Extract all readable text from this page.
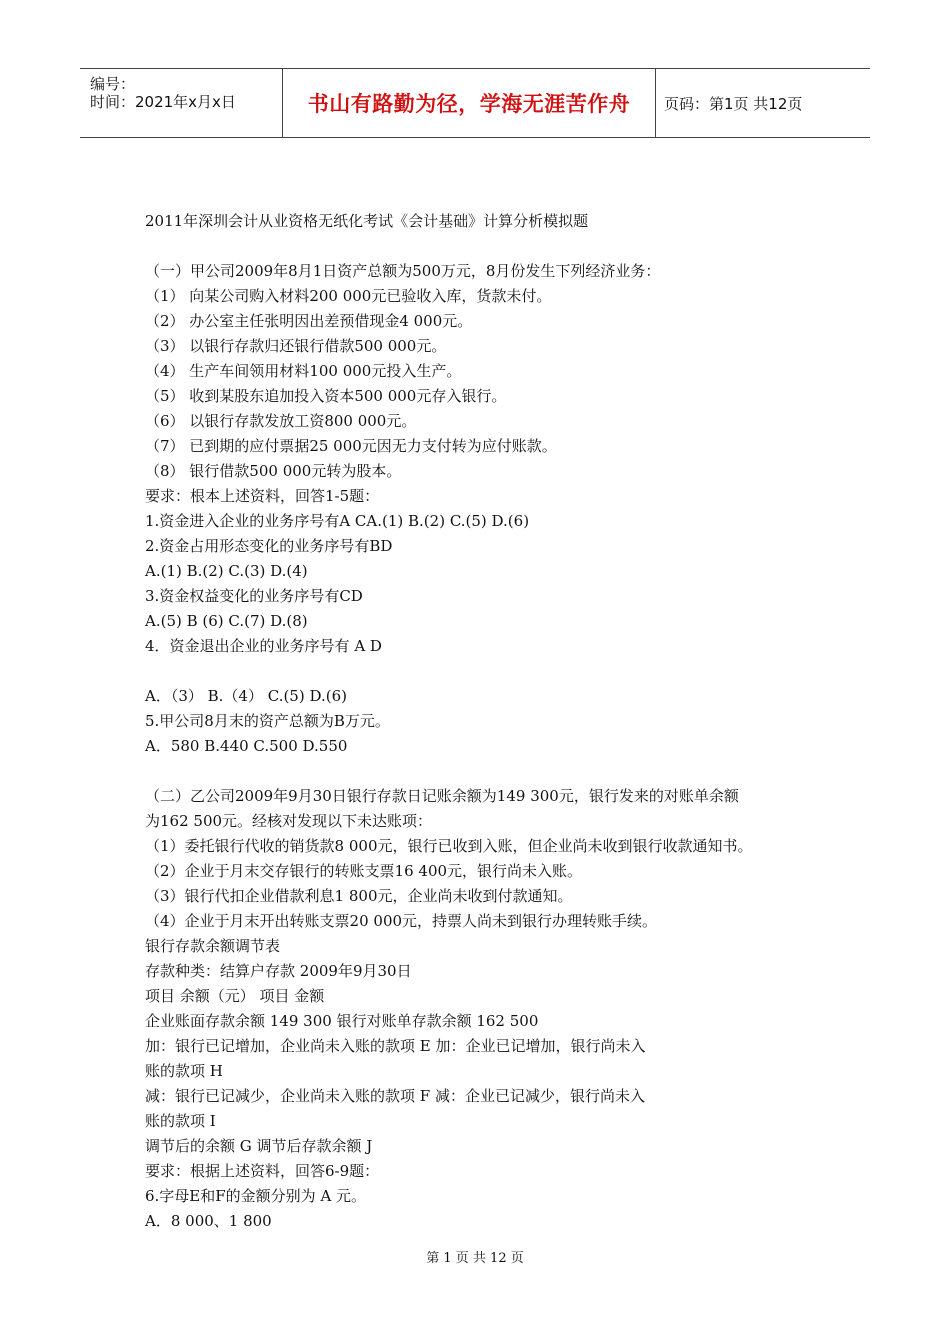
编号：
时间：2021年x月x日	书山有路勤为径，学海无涯苦作舟 页码：第1页 共12页
2011年深圳会计从业资格无纸化考试《会计基础》计算分析模拟题
（一）甲公司2009年8月1日资产总额为500万元，8月份发生下列经济业务：
（1） 向某公司购入材料200 000元已验收入库，货款未付。
（2） 办公室主任张明因出差预借现金4 000元。
（3） 以银行存款归还银行借款500 000元。
（4） 生产车间领用材料100 000元投入生产。
（5） 收到某股东追加投入资本500 000元存入银行。
（6） 以银行存款发放工资800 000元。
（7） 已到期的应付票据25 000元因无力支付转为应付账款。
（8） 银行借款500 000元转为股本。
要求：根本上述资料，回答1-5题：
1.资金进入企业的业务序号有A CA.(1) B.(2) C.(5) D.(6)
2.资金占用形态变化的业务序号有BD
A.(1) B.(2) C.(3) D.(4)
3.资金权益变化的业务序号有CD
A.(5) B (6) C.(7) D.(8)
4．资金退出企业的业务序号有 A D
A．（3） B.（4） C.(5) D.(6)
5.甲公司8月末的资产总额为B万元。
A．580 B.440 C.500 D.550
（二）乙公司2009年9月30日银行存款日记账余额为149 300元，银行发来的对账单余额
为162 500元。经核对发现以下未达账项：
（1）委托银行代收的销货款8 000元，银行已收到入账，但企业尚未收到银行收款通知书。
（2）企业于月末交存银行的转账支票16 400元，银行尚未入账。
（3）银行代扣企业借款利息1 800元，企业尚未收到付款通知。
（4）企业于月末开出转账支票20 000元，持票人尚未到银行办理转账手续。
银行存款余额调节表
存款种类：结算户存款 2009年9月30日
项目 余额（元） 项目 金额
企业账面存款余额 149 300 银行对账单存款余额 162 500
加：银行已记增加，企业尚未入账的款项 E 加：企业已记增加，银行尚未入
账的款项 H
减：银行已记减少，企业尚未入账的款项 F 减：企业已记减少，银行尚未入
账的款项 I
调节后的余额 G 调节后存款余额 J
要求：根据上述资料，回答6-9题：
6.字母E和F的金额分别为 A 元。
A．8 000、1 800
第 1 页 共 12 页
